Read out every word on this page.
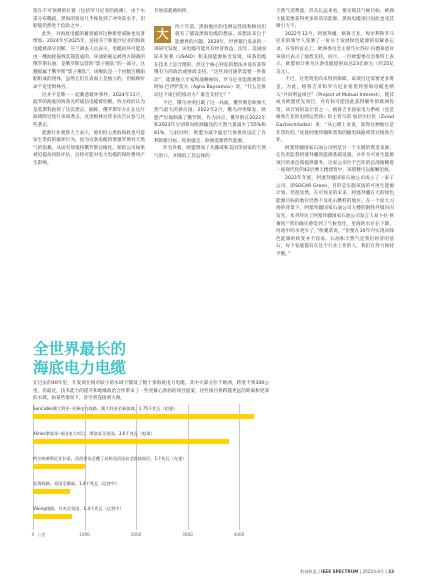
留在不可预测的位置（包括罗马尼亚的海滩），由于水雷分布稀疏，黑海的贸易几乎恢复到了冲突前水平，但船舶仍然处于危险之中。

此外，对海底电缆的蓄意破坏这种新型威胁也显著增加。2024年至2025年，连接芬兰和爱沙尼亚的海底电缆被部分切断。芬兰调查人员表示，电缆损坏可能是由一艘油轮拖拽其锚造成的。该油轮载运被西方制裁的俄罗斯石油，是俄罗斯运营的“影子舰队”的一部分。这艘船属于俄罗斯“影子舰队”，该舰队是一个由数百艘船舶组成的团体，虽然它们在表面上是独立的，但据称听命于克里姆林宫。

这并不是唯一一起蓄意破坏事件。2024年11月，波罗的海底的两条光纤通信电缆被切断。西方政府认为是莫斯科指挥了这次袭击，据称，俄罗斯军方正在这片海域附近进行该项袭击。克里姆林宫曾多次否认参与这些袭击。

能源行业观察人士表示，他们担心黑海海底也可能发生类似的破坏行为。因为这条电缆将增强罗斯对天然气的依赖，从而有效地将俄罗斯边缘化。保险公司如果被迫提高风险评估，这将可能对电力电缆的保险费用产生影响。

开始前就被叫停。

大	四十年前，黑海地区的电网运营商和顾问们就有了铺设黑海电缆的想法。该想法来自于能源界的兴趣。2020年，世界银行发表的一项研究发现，该电缆可能具有经济效益。次年，美国国际开发署（USAID）和美国能源协会发现，该条电缆在技术上是合理的，但这个核心特征的想法并没有获得俄有力的政治或财政支持。“这些项目通常需要一些推动”，能源独立专家和战略顾问、罗马尼亚能源观察员阿加·巴伊萨莫夫（Agha Baysamov）说，“什么是推动这个项目的推动力？谁会支持它？”

不过，俄乌冲突打破了这一局面。俄罗斯是欧洲天然气最大的供应国。2022年2月，俄乌冲突爆发，欧盟严厉地制裁了俄罗斯。作为回应，俄罗斯在2022年和2023年分别将向欧洲输送的天然气量减少了55%和81%，与此同时，欧盟为减少温室气体排放设定了有利的新目标，结果就是，欧洲需要替代能源。

作为补救，欧盟增加了从挪威和美国等国家的天然气进口，并降低了其总体的

天然气消费量。但从长远来看，要实现其气候目标，欧洲大陆需要获得更多的清洁能源，黑海电缆项目因此也受其吸引力下。

2022年12月，阿塞拜疆、格鲁吉亚、匈牙利和罗马尼亚的领导人签署了一份关于发展绿色能源的谅解备忘录，在签约仪式上，欧洲委员会主席乌尔苏拉·冯德莱恩对该项目表示了强烈支持。同月，一位欧盟委员会推特上表示，欧盟预计将为这条电缆提供高达23亿欧元（约25亿美元）。

不过，这笔资金尚未得到保障，该项目还需要更多资金。为此，格鲁吉亚和罗马尼亚希望将黑海电缆也纳入“共同利益项目”（Project of Mutual Interest），使其成为欧盟优先项目，并有权可能因此获得额外的欧洲投资。该计划的设计者之一、格鲁吉亚国家电力系统（也是格鲁吉亚的电网运营商）的主管马诺·加切尔拉佐（Zviad Gachechiladze）说：“从心理上来说，获得这种地位是非常好的。”连接阿塞拜疆和黑海的输电线路将穿过格鲁吉亚。

阿塞拜疆国家石油公司则是另一个关键的资金来源，它负责监督阿塞拜疆的能源基础设施，并作为可再生能源项目的承包商提供服务。这家公司位于巴库的总部俯瞰着一座现代化的42层摩天楼建筑中，该塔楼可以俯瞰里海。

2023年年底，阿塞拜疆国家石油公司成立了一家子公司，即SOCAR Green，目的是实施该国的可再生能源计划。但很显然，在可预见的未来，阿塞拜疆在大的绿色能源目标的地位仍然不及化石燃料的地位。在一个庞大习俗的背景下，阿塞拜疆国家石油公司大楼的钢铁外墙闪闪发光，本刊拜访了阿塞拜疆国家石油公司发言人易卜拉·侯赛因·“我们确实感觉到了气候变化，里海的水位在下降，河流中的水更少了，”侯赛诺说，“但要在30年内实现向绿色能源的转变并不容易。石油和天然气是我们经济的基石，每个家庭都有在这个行业工作的人，我们在努力保持平衡。”

全世界最长的
海底电力电缆
在过去的40年里，开发商在相对较小的水域下铺设了数十条海底电力电缆。其中大部分位于欧洲，跨度不到300公里。但最近，技术能力的提升和地缘政治合作带来了一些更雄心勃勃的项目提案，这些项目将跨越更远的距离和更深的水域，如某些情况下，甚至将连接两大洲。
0	1000	2000	3000	4000
SunCable澳大利亚–亚洲电力线路。澳大利亚至新加坡。1.75千兆瓦（拟建）
Xlinks摩洛哥–英国电力项目。摩洛哥至英国。3.6千兆瓦（拟建）
特尔纳黄斯尼亚拉诺。西西里岛至撒丁岛和西西里岛至欧陆间层。1千兆瓦（在建）
北海线路。英国至挪威。1.4千兆瓦（运营中）
Viking线路。丹麦至英国。1.4千兆瓦（运营中）
公里
科技纵览 | IEEE SPECTRUM | 2025年4月 | 33
